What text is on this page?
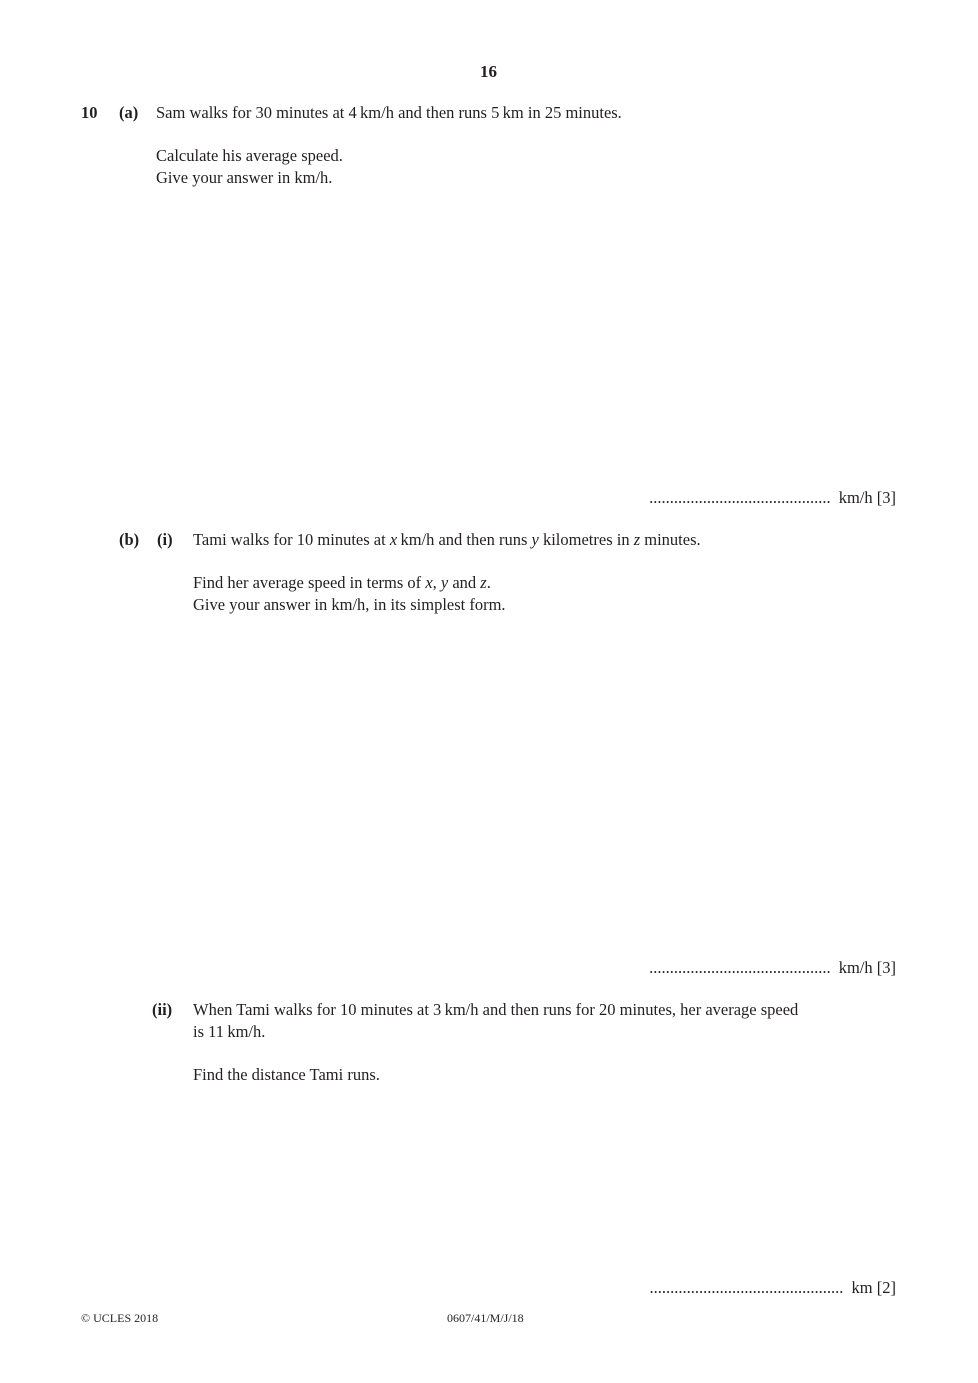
16
10 (a) Sam walks for 30 minutes at 4 km/h and then runs 5 km in 25 minutes.
Calculate his average speed.
Give your answer in km/h.
............................................ km/h [3]
(b) (i) Tami walks for 10 minutes at x km/h and then runs y kilometres in z minutes.
Find her average speed in terms of x, y and z.
Give your answer in km/h, in its simplest form.
............................................ km/h [3]
(ii) When Tami walks for 10 minutes at 3 km/h and then runs for 20 minutes, her average speed
is 11 km/h.
Find the distance Tami runs.
............................................... km [2]
© UCLES 2018	0607/41/M/J/18
